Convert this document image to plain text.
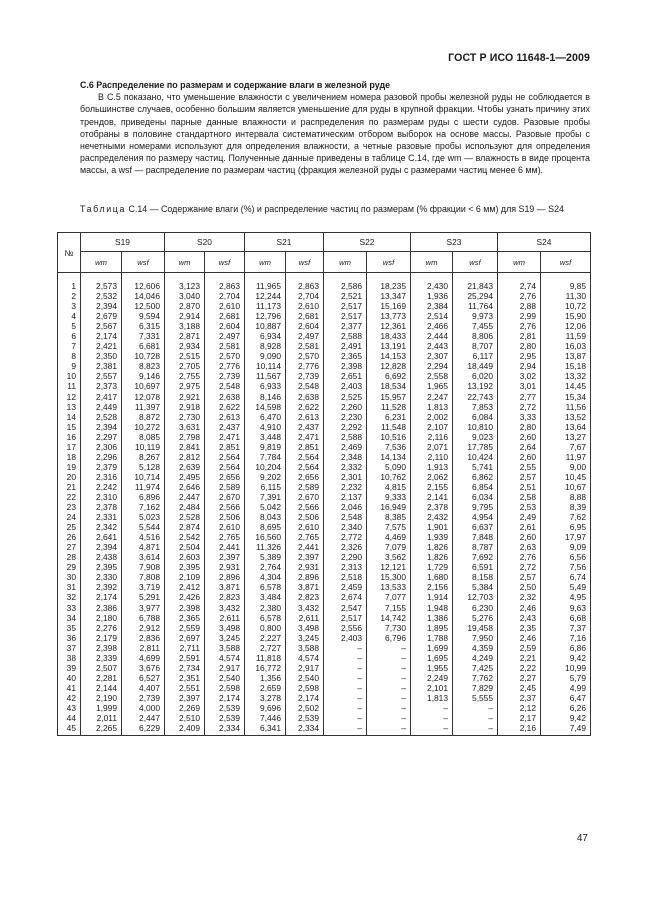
ГОСТ Р ИСО 11648-1—2009
С.6 Распределение по размерам и содержание влаги в железной руде

В С.5 показано, что уменьшение влажности с увеличением номера разовой пробы железной руды не соблюдается в большинстве случаев, особенно большим является уменьшение для руды в крупной фракции. Чтобы узнать причину этих трендов, приведены парные данные влажности и распределения по размерам руды с шести судов. Разовые пробы отобраны в половине стандартного интервала систематическим отбором выборок на основе массы. Разовые пробы с нечетными номерами используют для определения влажности, а четные разовые пробы используют для определения распределения по размеру частиц. Полученные данные приведены в таблице С.14, где wm — влажность в виде процента массы, а wsf — распределение по размерам частиц (фракция железной руды с размерами частиц менее 6 мм).

Таблица С.14 — Содержание влаги (%) и распределение частиц по размерам (% фракции < 6 мм) для S19 — S24
№	S19		S20		S21		S22		S23		S24	
	wm	wsf	wm	wsf	wm	wsf	wm	wsf	wm	wsf	wm	wsf
1	2,573	12,606	3,123	2,863	11,965	2,863	2,586	18,235	2,430	21,843	2,74	9,85
2	2,532	14,046	3,040	2,704	12,244	2,704	2,521	13,347	1,936	25,294	2,76	11,30
3	2,394	12,500	2,870	2,610	11,173	2,610	2,517	15,169	2,384	11,764	2,88	10,72
4	2,679	9,594	2,914	2,681	12,796	2,681	2,517	13,773	2,514	9,973	2,99	15,90
5	2,567	6,315	3,188	2,604	10,887	2,604	2,377	12,361	2,466	7,455	2,76	12,06
6	2,174	7,331	2,871	2,497	6,934	2,497	2,588	18,433	2,444	8,806	2,81	11,59
7	2,421	6,681	2,934	2,581	8,928	2,581	2,491	13,191	2,443	8,707	2,80	16,03
8	2,350	10,728	2,515	2,570	9,090	2,570	2,365	14,153	2,307	6,117	2,95	13,87
9	2,381	8,823	2,705	2,776	10,114	2,776	2,398	12,828	2,294	18,449	2,94	15,18
10	2,557	9,146	2,755	2,739	11,567	2,739	2,651	6,692	2,558	6,020	3,02	13,32
11	2,373	10,697	2,975	2,548	6,933	2,548	2,403	18,534	1,965	13,192	3,01	14,45
12	2,417	12,078	2,921	2,638	8,146	2,638	2,525	15,957	2,247	22,743	2,77	15,34
13	2,449	11,397	2,918	2,622	14,598	2,622	2,260	11,528	1,813	7,853	2,72	11,56
14	2,528	8,872	2,730	2,613	6,470	2,613	2,230	6,231	2,002	6,084	3,33	13,52
15	2,394	10,272	3,631	2,437	4,910	2,437	2,292	11,548	2,107	10,810	2,80	13,64
16	2,297	8,085	2,798	2,471	3,448	2,471	2,588	10,516	2,116	9,023	2,60	13,27
17	2,306	10,119	2,841	2,851	9,819	2,851	2,469	7,536	2,071	17,785	2,64	7,67
18	2,296	8,267	2,812	2,564	7,784	2,564	2,348	14,134	2,110	10,424	2,60	11,97
19	2,379	5,128	2,639	2,564	10,204	2,564	2,332	5,090	1,913	5,741	2,55	9,00
20	2,316	10,714	2,495	2,656	9,202	2,656	2,301	10,762	2,062	6,862	2,57	10,45
21	2,242	11,974	2,646	2,589	6,115	2,589	2,232	4,815	2,155	6,854	2,51	10,67
22	2,310	6,896	2,447	2,670	7,391	2,670	2,137	9,333	2,141	6,034	2,58	8,88
23	2,378	7,162	2,484	2,566	5,042	2,566	2,046	16,949	2,378	9,795	2,53	8,39
24	2,331	5,023	2,528	2,506	8,043	2,506	2,548	8,385	2,432	4,954	2,49	7,62
25	2,342	5,544	2,874	2,610	8,695	2,610	2,340	7,575	1,901	6,637	2,61	6,95
26	2,641	4,516	2,542	2,765	16,560	2,765	2,772	4,469	1,939	7,848	2,60	17,97
27	2,394	4,871	2,504	2,441	11,326	2,441	2,326	7,079	1,826	8,787	2,63	9,09
28	2,438	3,614	2,603	2,397	5,389	2,397	2,290	3,562	1,826	7,692	2,76	6,56
29	2,395	7,908	2,395	2,931	2,764	2,931	2,313	12,121	1,729	6,591	2,72	7,56
30	2,330	7,808	2,109	2,896	4,304	2,896	2,518	15,300	1,680	8,158	2,57	6,74
31	2,392	3,719	2,412	3,871	6,578	3,871	2,459	13,533	2,156	5,384	2,50	5,49
32	2,174	5,291	2,426	2,823	3,484	2,823	2,674	7,077	1,914	12,703	2,32	4,95
33	2,386	3,977	2,398	3,432	2,380	3,432	2,547	7,155	1,948	6,230	2,46	9,63
34	2,180	6,788	2,365	2,611	6,578	2,611	2,517	14,742	1,386	5,276	2,43	6,68
35	2,276	2,912	2,559	3,498	0,800	3,498	2,556	7,730	1,895	19,458	2,35	7,37
36	2,179	2,836	2,697	3,245	2,227	3,245	2,403	6,796	1,788	7,950	2,46	7,16
37	2,398	2,811	2,711	3,588	2,727	3,588	–	–	1,699	4,359	2,59	6,86
38	2,339	4,699	2,591	4,574	11,818	4,574	–	–	1,695	4,249	2,21	9,42
39	2,507	3,676	2,734	2,917	16,772	2,917	–	–	1,955	7,425	2,22	10,99
40	2,281	6,527	2,351	2,540	1,356	2,540	–	–	2,249	7,762	2,27	5,79
41	2,144	4,407	2,551	2,598	2,659	2,598	–	–	2,101	7,829	2,45	4,99
42	2,190	2,739	2,397	2,174	3,278	2,174	–	–	1,813	5,555	2,37	6,47
43	1,999	4,000	2,269	2,539	9,696	2,502	–	–	–	–	2,12	6,26
44	2,011	2,447	2,510	2,539	7,446	2,539	–	–	–	–	2,17	9,42
45	2,265	6,229	2,409	2,334	6,341	2,334	–	–	–	–	2,16	7,49
47
